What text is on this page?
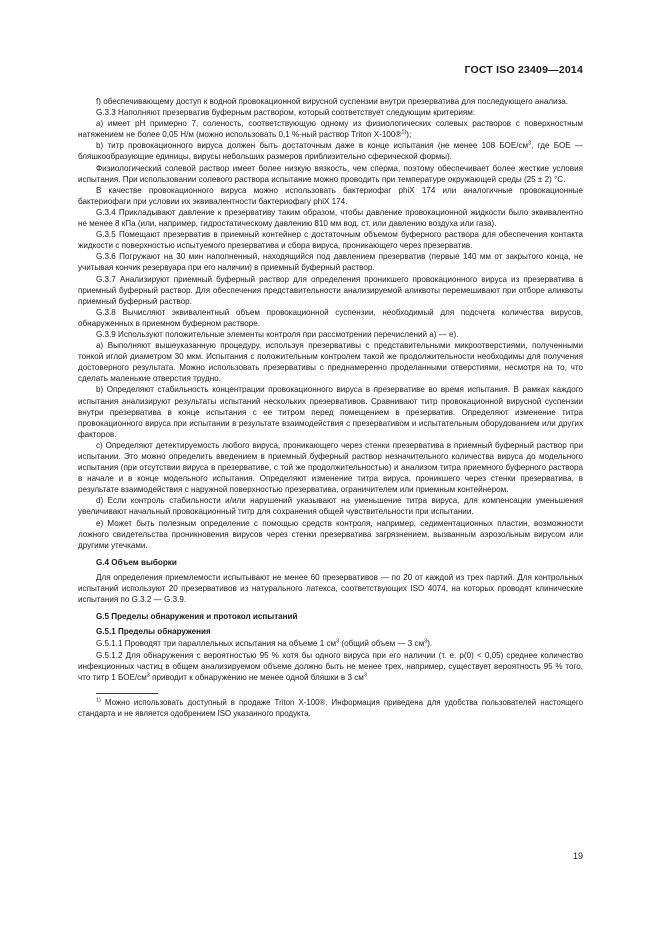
ГОСТ ISO 23409—2014

f) обеспечивающему доступ к водной провокационной вирусной суспензии внутри презерватива для последующего анализа.

G.3.3 Наполняют презерватив буферным раствором, который соответствует следующим критериям:

а) имеет pH примерно 7, соленость, соответствующую одному из физиологических солевых растворов с поверхностным натяжением не более 0,05 Н/м (можно использовать 0,1 %-ный раствор Triton X-100®$^{1)}$);

b) титр провокационного вируса должен быть достаточным даже в конце испытания (не менее 108 БОЕ/$см^3$, где БОЕ — бляшкообразующие единицы, вирусы небольших размеров приблизительно сферической формы).

Физиологический солевой раствор имеет более низкую вязкость, чем сперма, поэтому обеспечивает более жесткие условия испытания. При использовании солевого раствора испытание можно проводить при температуре окружающей среды (25 ± 2) °С.

В качестве провокационного вируса можно использовать бактериофаг phiX 174 или аналогичные провокационные бактериофаги при условии их эквивалентности бактериофагу phiX 174.

G.3.4 Прикладывают давление к презервативу таким образом, чтобы давление провокационной жидкости было эквивалентно не менее 8 кПа (или, например, гидростатическому давлению 810 мм вод. ст. или давлению воздуха или газа).

G.3.5 Помещают презерватив в приемный контейнер с достаточным объемом буферного раствора для обеспечения контакта жидкости с поверхностью испытуемого презерватива и сбора вируса, проникающего через презерватив.

G.3.6 Погружают на 30 мин наполненный, находящийся под давлением презерватив (первые 140 мм от закрытого конца, не учитывая кончик резервуара при его наличии) в приемный буферный раствор.

G.3.7 Анализируют приемный буферный раствор для определения проникшего провокационного вируса из презерватива в приемный буферный раствор. Для обеспечения представительности анализируемой аликвоты перемешивают при отборе аликвоты приемный буферный раствор.

G.3.8 Вычисляют эквивалентный объем провокационной суспензии, необходимый для подсчета количества вирусов, обнаруженных в приемном буферном растворе.

G.3.9 Используют положительные элементы контроля при рассмотрении перечислений а) — е).

а) Выполняют вышеуказанную процедуру, используя презервативы с представительными микроотверстиями, полученными тонкой иглой диаметром 30 мкм. Испытания с положительным контролем такой же продолжительности необходимы для получения достоверного результата. Можно использовать презервативы с преднамеренно проделанными отверстиями, несмотря на то, что сделать маленькие отверстия трудно.

b) Определяют стабильность концентрации провокационного вируса в презервативе во время испытания. В рамках каждого испытания анализируют результаты испытаний нескольких презервативов. Сравнивают титр провокационной вирусной суспензии внутри презерватива в конце испытания с ее титром перед помещением в презерватив. Определяют изменение титра провокационного вируса при испытании в результате взаимодействия с презервативом и испытательным оборудованием или других факторов.

с) Определяют детектируемость любого вируса, проникающего через стенки презерватива в приемный буферный раствор при испытании. Это можно определить введением в приемный буферный раствор незначительного количества вируса до модельного испытания (при отсутствии вируса в презервативе, с той же продолжительностью) и анализом титра приемного буферного раствора в начале и в конце модельного испытания. Определяют изменение титра вируса, проникшего через стенки презерватива, в результате взаимодействия с наружной поверхностью презерватива, ограничителем или приемным контейнером.

d) Если контроль стабильности и/или нарушений указывают на уменьшение титра вируса, для компенсации уменьшения увеличивают начальный провокационный титр для сохранения общей чувствительности при испытании.

е) Может быть полезным определение с помощью средств контроля, например, седиментационных пластин, возможности ложного свидетельства проникновения вирусов через стенки презерватива загрязнением, вызванным аэрозольным вирусом или другими утечками.

G.4 Объем выборки

Для определения приемлемости испытывают не менее 60 презервативов — по 20 от каждой из трех партий. Для контрольных испытаний используют 20 презервативов из натурального латекса, соответствующих ISO 4074, на которых проводят клинические испытания по G.3.2 — G.3.9.

G.5 Пределы обнаружения и протокол испытаний

G.5.1 Пределы обнаружения

G.5.1.1 Проводят три параллельных испытания на объеме 1 $см^3$ (общий объем — 3 $см^3$).

G.5.1.2 Для обнаружения с вероятностью 95 % хотя бы одного вируса при его наличии (т. е. p(0) < 0,05) среднее количество инфекционных частиц в общем анализируемом объеме должно быть не менее трех, например, существует вероятность 95 % того, что титр 1 БОЕ/$см^3$ приводит к обнаружению не менее одной бляшки в 3 $см^3$

$^{1)}$ Можно использовать доступный в продаже Triton X-100®. Информация приведена для удобства пользователей настоящего стандарта и не является одобрением ISO указанного продукта.

19
